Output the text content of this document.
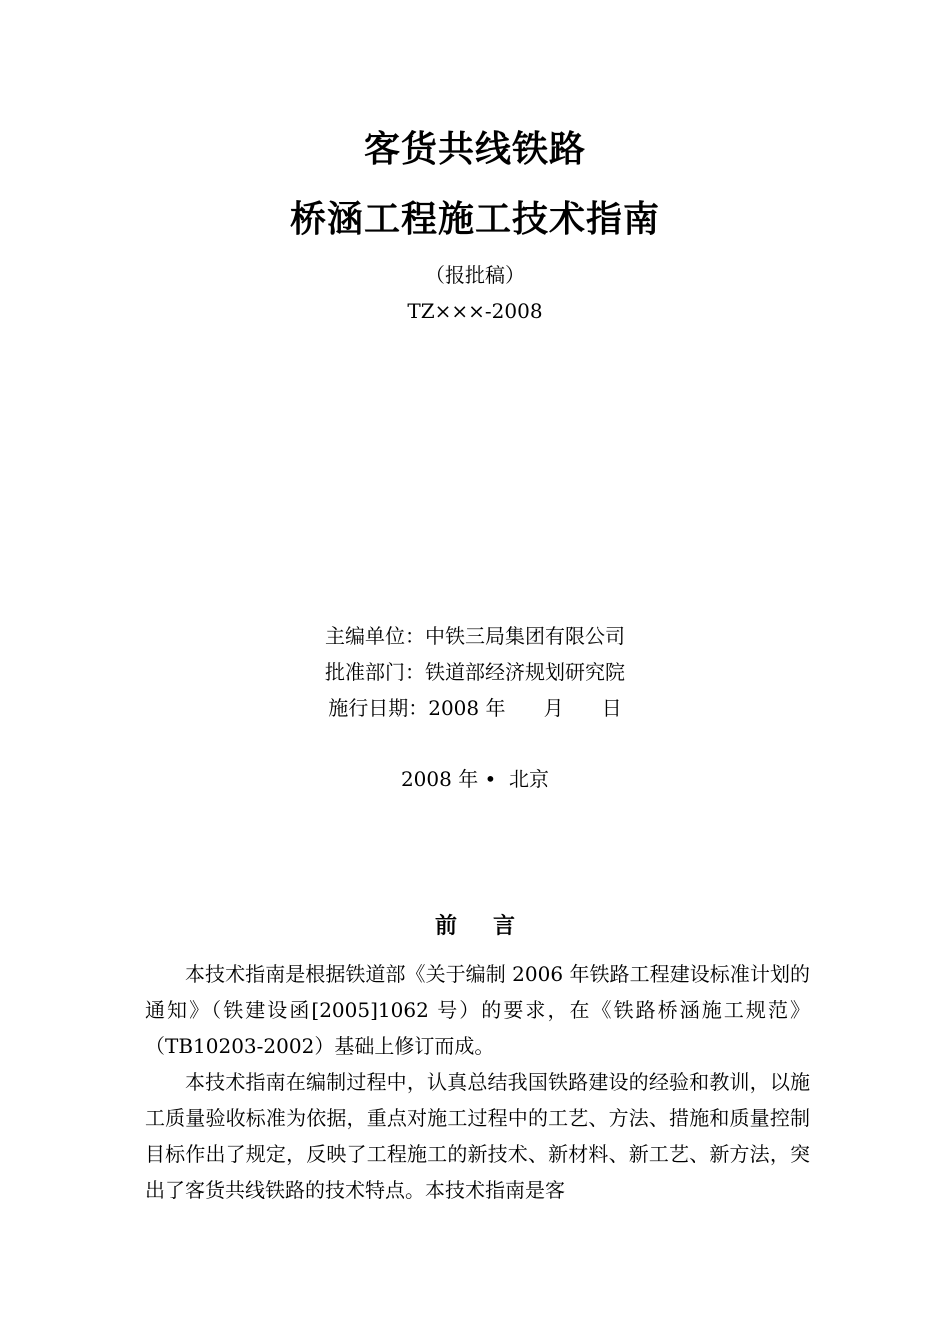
客货共线铁路
桥涵工程施工技术指南
（报批稿）
TZ×××-2008
主编单位：中铁三局集团有限公司
批准部门：铁道部经济规划研究院
施行日期：2008 年      月      日
2008 年 •  北京
前言

本技术指南是根据铁道部《关于编制 2006 年铁路工程建设标准计划的通知》（铁建设函[2005]1062 号）的要求，在《铁路桥涵施工规范》（TB10203-2002）基础上修订而成。

本技术指南在编制过程中，认真总结我国铁路建设的经验和教训，以施工质量验收标准为依据，重点对施工过程中的工艺、方法、措施和质量控制目标作出了规定，反映了工程施工的新技术、新材料、新工艺、新方法，突出了客货共线铁路的技术特点。本技术指南是客
